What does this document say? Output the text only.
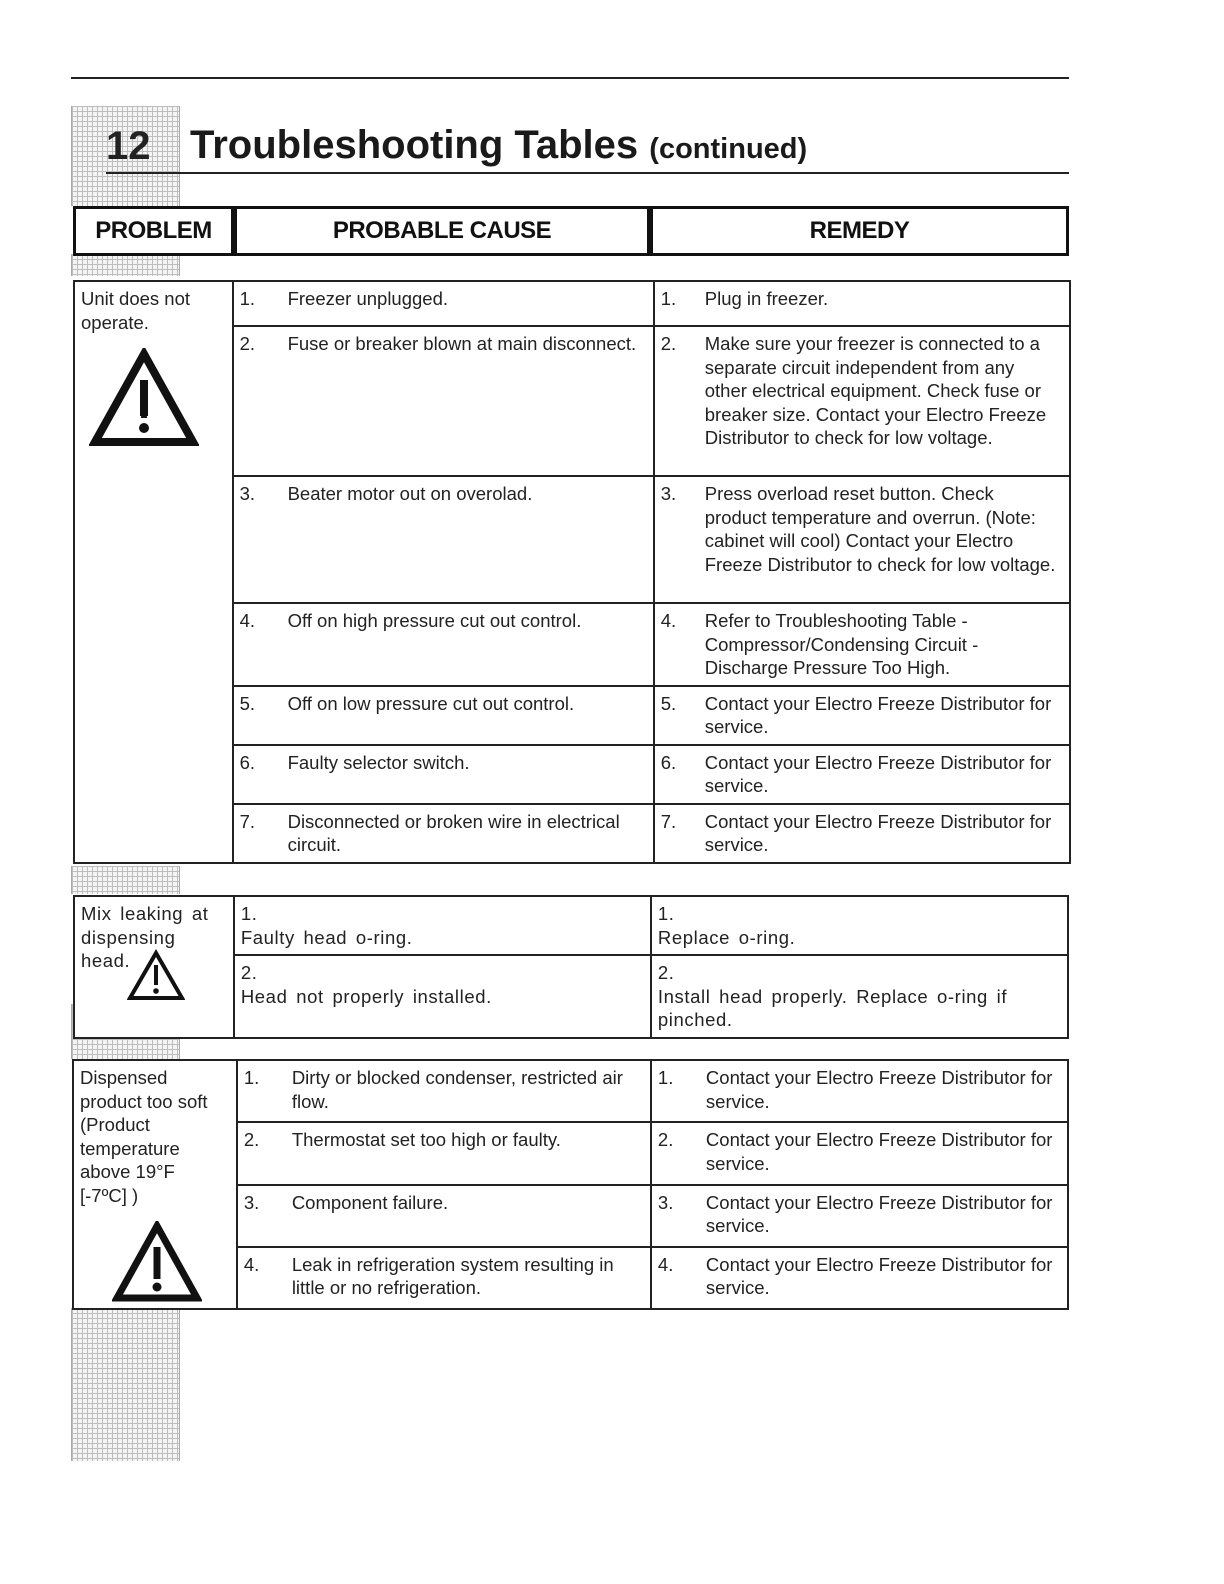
12 Troubleshooting Tables (continued)
PROBLEM	PROBABLE CAUSE	REMEDY
Unit does not operate.	1. Freezer unplugged.	1. Plug in freezer.
	2. Fuse or breaker blown at main disconnect.	2. Make sure your freezer is connected to a separate circuit independent from any other electrical equipment. Check fuse or breaker size. Contact your Electro Freeze Distributor to check for low voltage.
	3. Beater motor out on overolad.	3. Press overload reset button. Check product temperature and overrun. (Note: cabinet will cool) Contact your Electro Freeze Distributor to check for low voltage.
	4. Off on high pressure cut out control.	4. Refer to Troubleshooting Table - Compressor/Condensing Circuit - Discharge Pressure Too High.
	5. Off on low pressure cut out control.	5. Contact your Electro Freeze Distributor for service.
	6. Faulty selector switch.	6. Contact your Electro Freeze Distributor for service.
	7. Disconnected or broken wire in electrical circuit.	7. Contact your Electro Freeze Distributor for service.
Mix leaking at dispensing head.	1.Faulty head o-ring.	1.Replace o-ring.
	2.Head not properly installed.	2.Install head properly. Replace o-ring if pinched.
Dispensed product too soft (Product temperature above 19°F [-7ºC] )	1. Dirty or blocked condenser, restricted air flow.	1. Contact your Electro Freeze Distributor for service.
	2. Thermostat set too high or faulty.	2. Contact your Electro Freeze Distributor for service.
	3. Component failure.	3. Contact your Electro Freeze Distributor for service.
	4. Leak in refrigeration system resulting in little or no refrigeration.	4. Contact your Electro Freeze Distributor for service.
